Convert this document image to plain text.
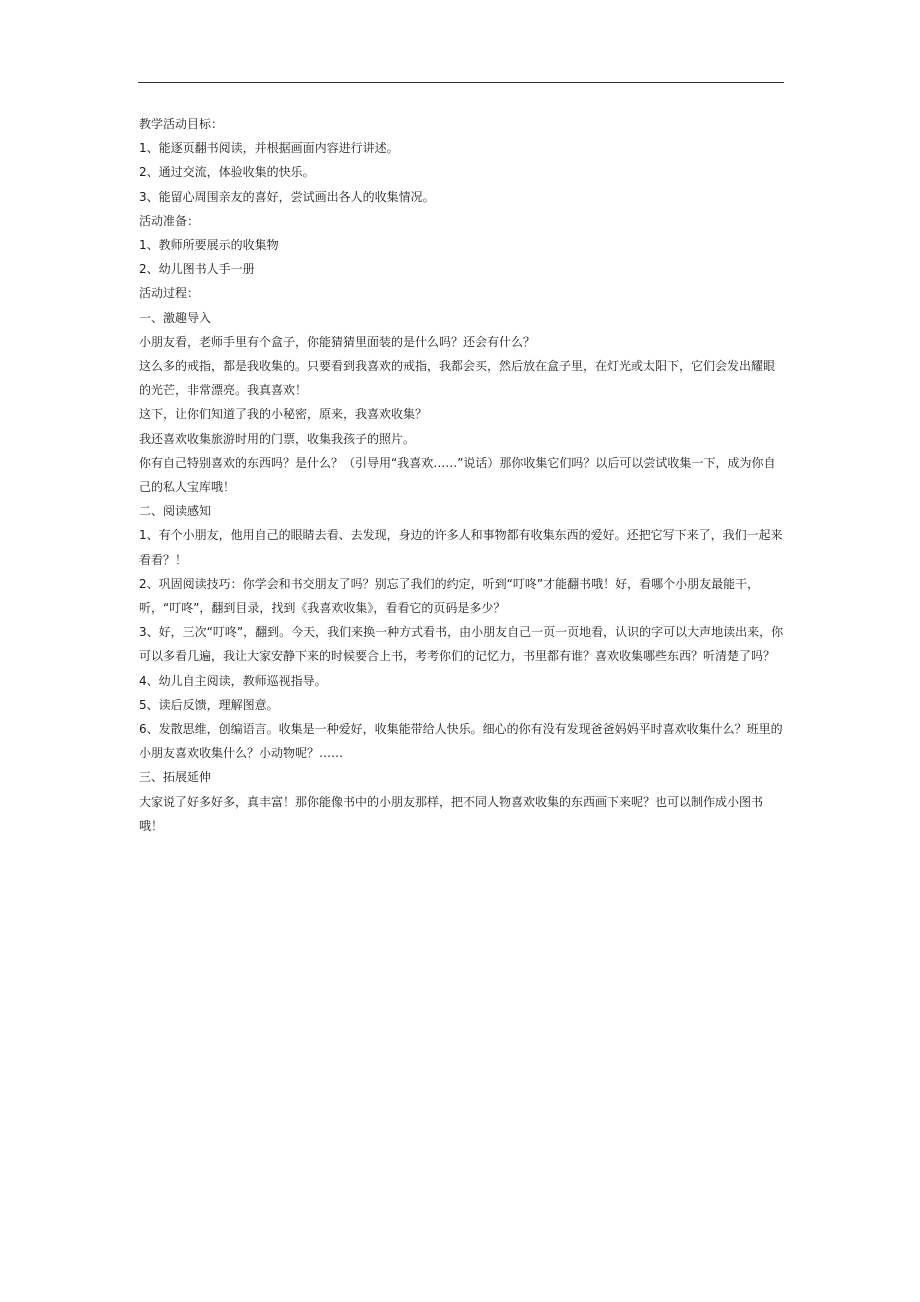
教学活动目标：

1、能逐页翻书阅读，并根据画面内容进行讲述。

2、通过交流，体验收集的快乐。

3、能留心周围亲友的喜好，尝试画出各人的收集情况。

活动准备：

1、教师所要展示的收集物

2、幼儿图书人手一册

活动过程：

一、激趣导入

小朋友看，老师手里有个盒子，你能猜猜里面装的是什么吗？还会有什么？

这么多的戒指，都是我收集的。只要看到我喜欢的戒指，我都会买，然后放在盒子里，在灯光或太阳下，它们会发出耀眼的光芒，非常漂亮。我真喜欢！

这下，让你们知道了我的小秘密，原来，我喜欢收集？

我还喜欢收集旅游时用的门票，收集我孩子的照片。

你有自己特别喜欢的东西吗？是什么？（引导用“我喜欢……”说话）那你收集它们吗？以后可以尝试收集一下，成为你自己的私人宝库哦！

二、阅读感知

1、有个小朋友，他用自己的眼睛去看、去发现，身边的许多人和事物都有收集东西的爱好。还把它写下来了，我们一起来看看？！

2、巩固阅读技巧：你学会和书交朋友了吗？别忘了我们的约定，听到“叮咚”才能翻书哦！好，看哪个小朋友最能干，听，“叮咚”，翻到目录，找到《我喜欢收集》，看看它的页码是多少？

3、好，三次“叮咚”，翻到。今天，我们来换一种方式看书，由小朋友自己一页一页地看，认识的字可以大声地读出来，你可以多看几遍，我让大家安静下来的时候要合上书，考考你们的记忆力，书里都有谁？喜欢收集哪些东西？听清楚了吗？

4、幼儿自主阅读，教师巡视指导。

5、读后反馈，理解图意。

6、发散思维，创编语言。收集是一种爱好，收集能带给人快乐。细心的你有没有发现爸爸妈妈平时喜欢收集什么？班里的小朋友喜欢收集什么？小动物呢？……

三、拓展延伸

大家说了好多好多，真丰富！那你能像书中的小朋友那样，把不同人物喜欢收集的东西画下来呢？也可以制作成小图书哦！
